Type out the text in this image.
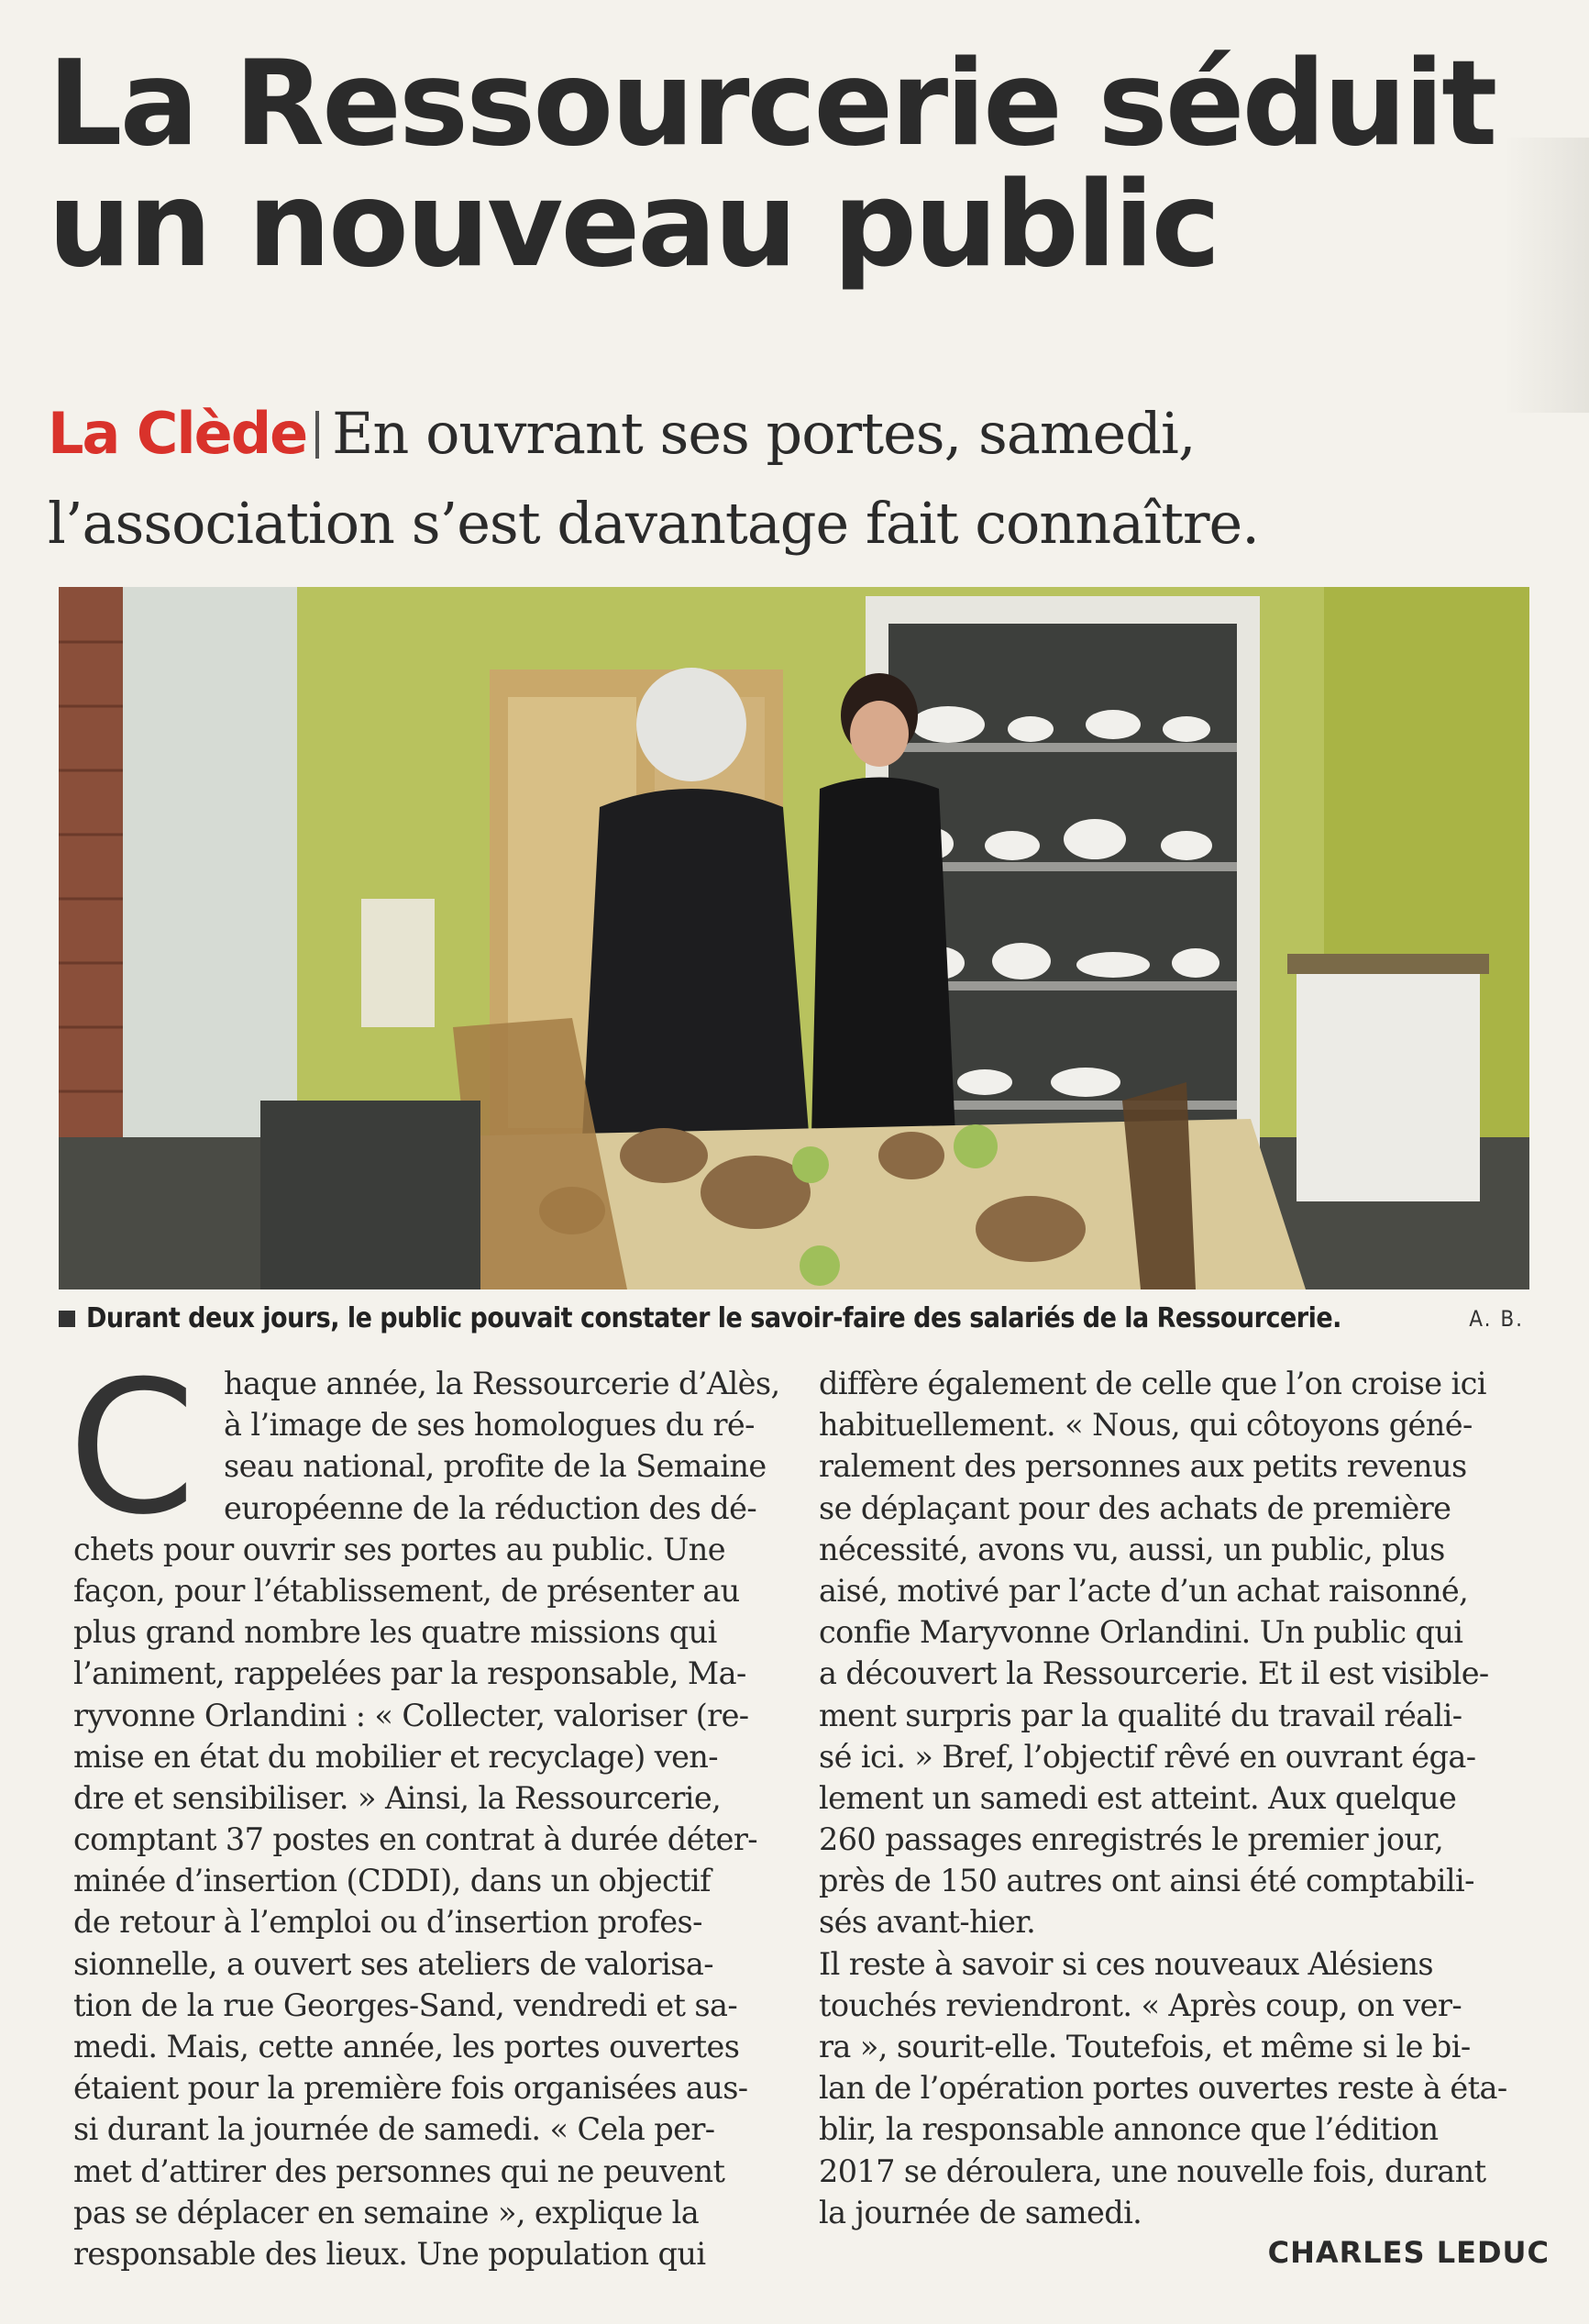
La Ressourcerie séduit
un nouveau public

La Clède En ouvrant ses portes, samedi,
l’association s’est davantage fait connaître.

Durant deux jours, le public pouvait constater le savoir-faire des salariés de la Ressourcerie.	A. B.
C haque année, la Ressourcerie d’Alès,
à l’image de ses homologues du ré-
seau national, profite de la Semaine
européenne de la réduction des dé-
chets pour ouvrir ses portes au public. Une
façon, pour l’établissement, de présenter au
plus grand nombre les quatre missions qui
l’animent, rappelées par la responsable, Ma-
ryvonne Orlandini : « Collecter, valoriser (re-
mise en état du mobilier et recyclage) ven-
dre et sensibiliser. » Ainsi, la Ressourcerie,
comptant 37 postes en contrat à durée déter-
minée d’insertion (CDDI), dans un objectif
de retour à l’emploi ou d’insertion profes-
sionnelle, a ouvert ses ateliers de valorisa-
tion de la rue Georges-Sand, vendredi et sa-
medi. Mais, cette année, les portes ouvertes
étaient pour la première fois organisées aus-
si durant la journée de samedi. « Cela per-
met d’attirer des personnes qui ne peuvent
pas se déplacer en semaine », explique la
responsable des lieux. Une population qui
diffère également de celle que l’on croise ici
habituellement. « Nous, qui côtoyons géné-
ralement des personnes aux petits revenus
se déplaçant pour des achats de première
nécessité, avons vu, aussi, un public, plus
aisé, motivé par l’acte d’un achat raisonné,
confie Maryvonne Orlandini. Un public qui
a découvert la Ressourcerie. Et il est visible-
ment surpris par la qualité du travail réali-
sé ici. » Bref, l’objectif rêvé en ouvrant éga-
lement un samedi est atteint. Aux quelque
260 passages enregistrés le premier jour,
près de 150 autres ont ainsi été comptabili-
sés avant-hier.
Il reste à savoir si ces nouveaux Alésiens
touchés reviendront. « Après coup, on ver-
ra », sourit-elle. Toutefois, et même si le bi-
lan de l’opération portes ouvertes reste à éta-
blir, la responsable annonce que l’édition
2017 se déroulera, une nouvelle fois, durant
la journée de samedi.
CHARLES LEDUC
